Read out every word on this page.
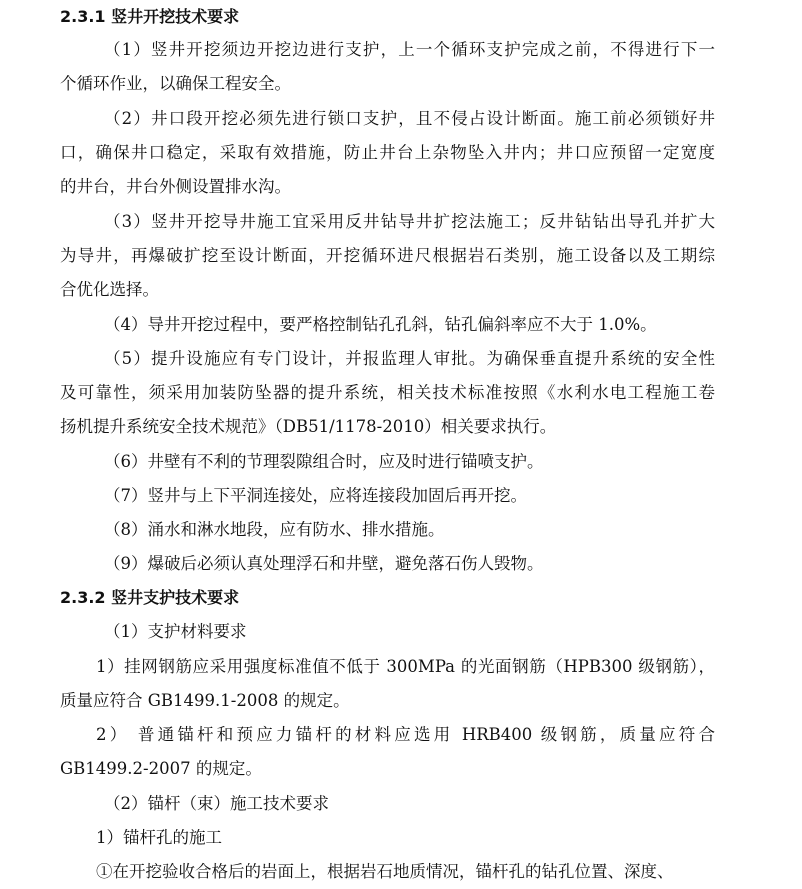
2.3.1 竖井开挖技术要求
（1）竖井开挖须边开挖边进行支护，上一个循环支护完成之前，不得进行下一
个循环作业，以确保工程安全。
（2）井口段开挖必须先进行锁口支护，且不侵占设计断面。施工前必须锁好井
口，确保井口稳定，采取有效措施，防止井台上杂物坠入井内；井口应预留一定宽度
的井台，井台外侧设置排水沟。
（3）竖井开挖导井施工宜采用反井钻导井扩挖法施工；反井钻钻出导孔并扩大
为导井，再爆破扩挖至设计断面，开挖循环进尺根据岩石类别，施工设备以及工期综
合优化选择。
（4）导井开挖过程中，要严格控制钻孔孔斜，钻孔偏斜率应不大于 1.0%。
（5）提升设施应有专门设计，并报监理人审批。为确保垂直提升系统的安全性
及可靠性，须采用加装防坠器的提升系统，相关技术标准按照《水利水电工程施工卷
扬机提升系统安全技术规范》（DB51/1178-2010）相关要求执行。
（6）井壁有不利的节理裂隙组合时，应及时进行锚喷支护。
（7）竖井与上下平洞连接处，应将连接段加固后再开挖。
（8）涌水和淋水地段，应有防水、排水措施。
（9）爆破后必须认真处理浮石和井壁，避免落石伤人毁物。
2.3.2 竖井支护技术要求
（1）支护材料要求
1）挂网钢筋应采用强度标准值不低于 300MPa 的光面钢筋（HPB300 级钢筋），
质量应符合 GB1499.1-2008 的规定。
2） 普通锚杆和预应力锚杆的材料应选用 HRB400 级钢筋，质量应符合
GB1499.2-2007 的规定。
（2）锚杆（束）施工技术要求
1）锚杆孔的施工
①在开挖验收合格后的岩面上，根据岩石地质情况，锚杆孔的钻孔位置、深度、
